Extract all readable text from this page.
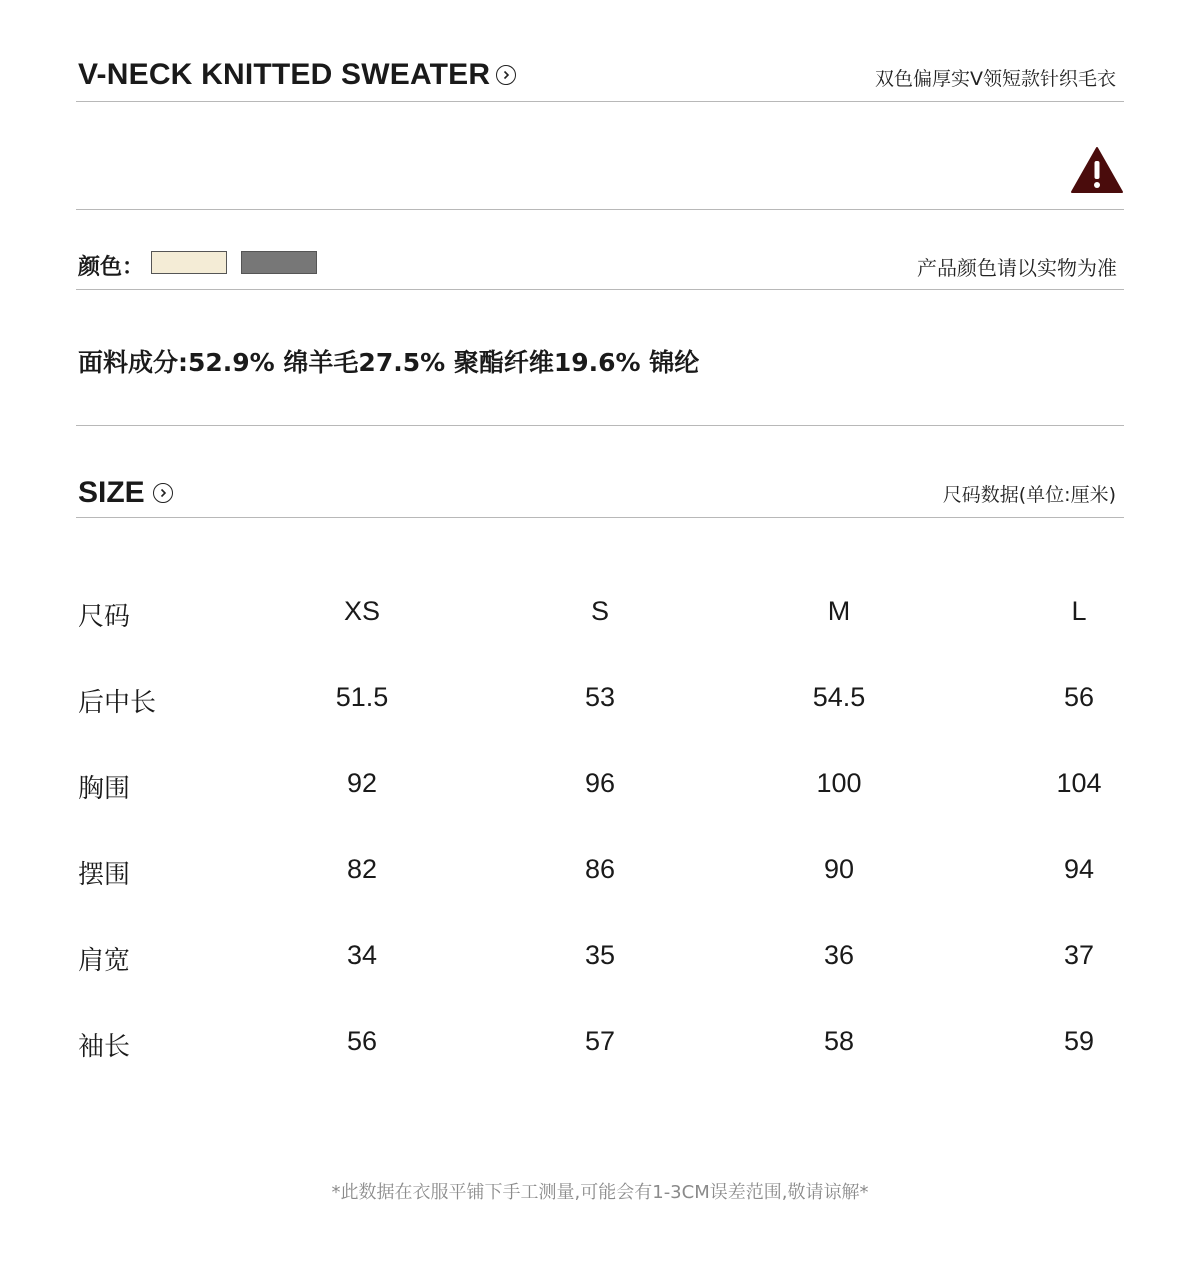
V-NECK KNITTED SWEATER	双色偏厚实V领短款针织毛衣
颜色：	产品颜色请以实物为准
面料成分:52.9% 绵羊毛27.5% 聚酯纤维19.6% 锦纶
SIZE	尺码数据(单位:厘米)
尺码	XS	S	M	L
后中长	51.5	53	54.5	56
胸围	92	96	100	104
摆围	82	86	90	94
肩宽	34	35	36	37
袖长	56	57	58	59
*此数据在衣服平铺下手工测量,可能会有1-3CM误差范围,敬请谅解*
